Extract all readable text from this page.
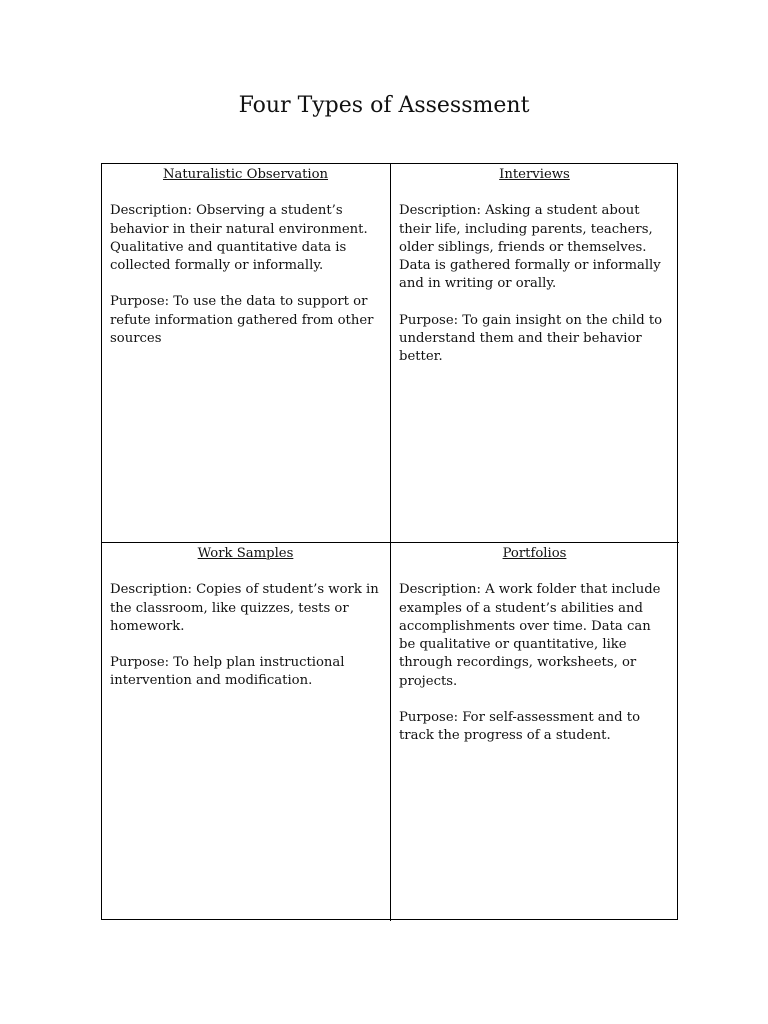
Four Types of Assessment
Naturalistic Observation

Description: Observing a student’s behavior in their natural environment. Qualitative and quantitative data is collected formally or informally.

Purpose: To use the data to support or refute information gathered from other sources

Interviews

Description: Asking a student about their life, including parents, teachers, older siblings, friends or themselves. Data is gathered formally or informally and in writing or orally.

Purpose: To gain insight on the child to understand them and their behavior better.

Work Samples

Description: Copies of student’s work in the classroom, like quizzes, tests or homework.

Purpose: To help plan instructional intervention and modification.

Portfolios

Description: A work folder that include examples of a student’s abilities and accomplishments over time. Data can be qualitative or quantitative, like through recordings, worksheets, or projects.

Purpose: For self-assessment and to track the progress of a student.
